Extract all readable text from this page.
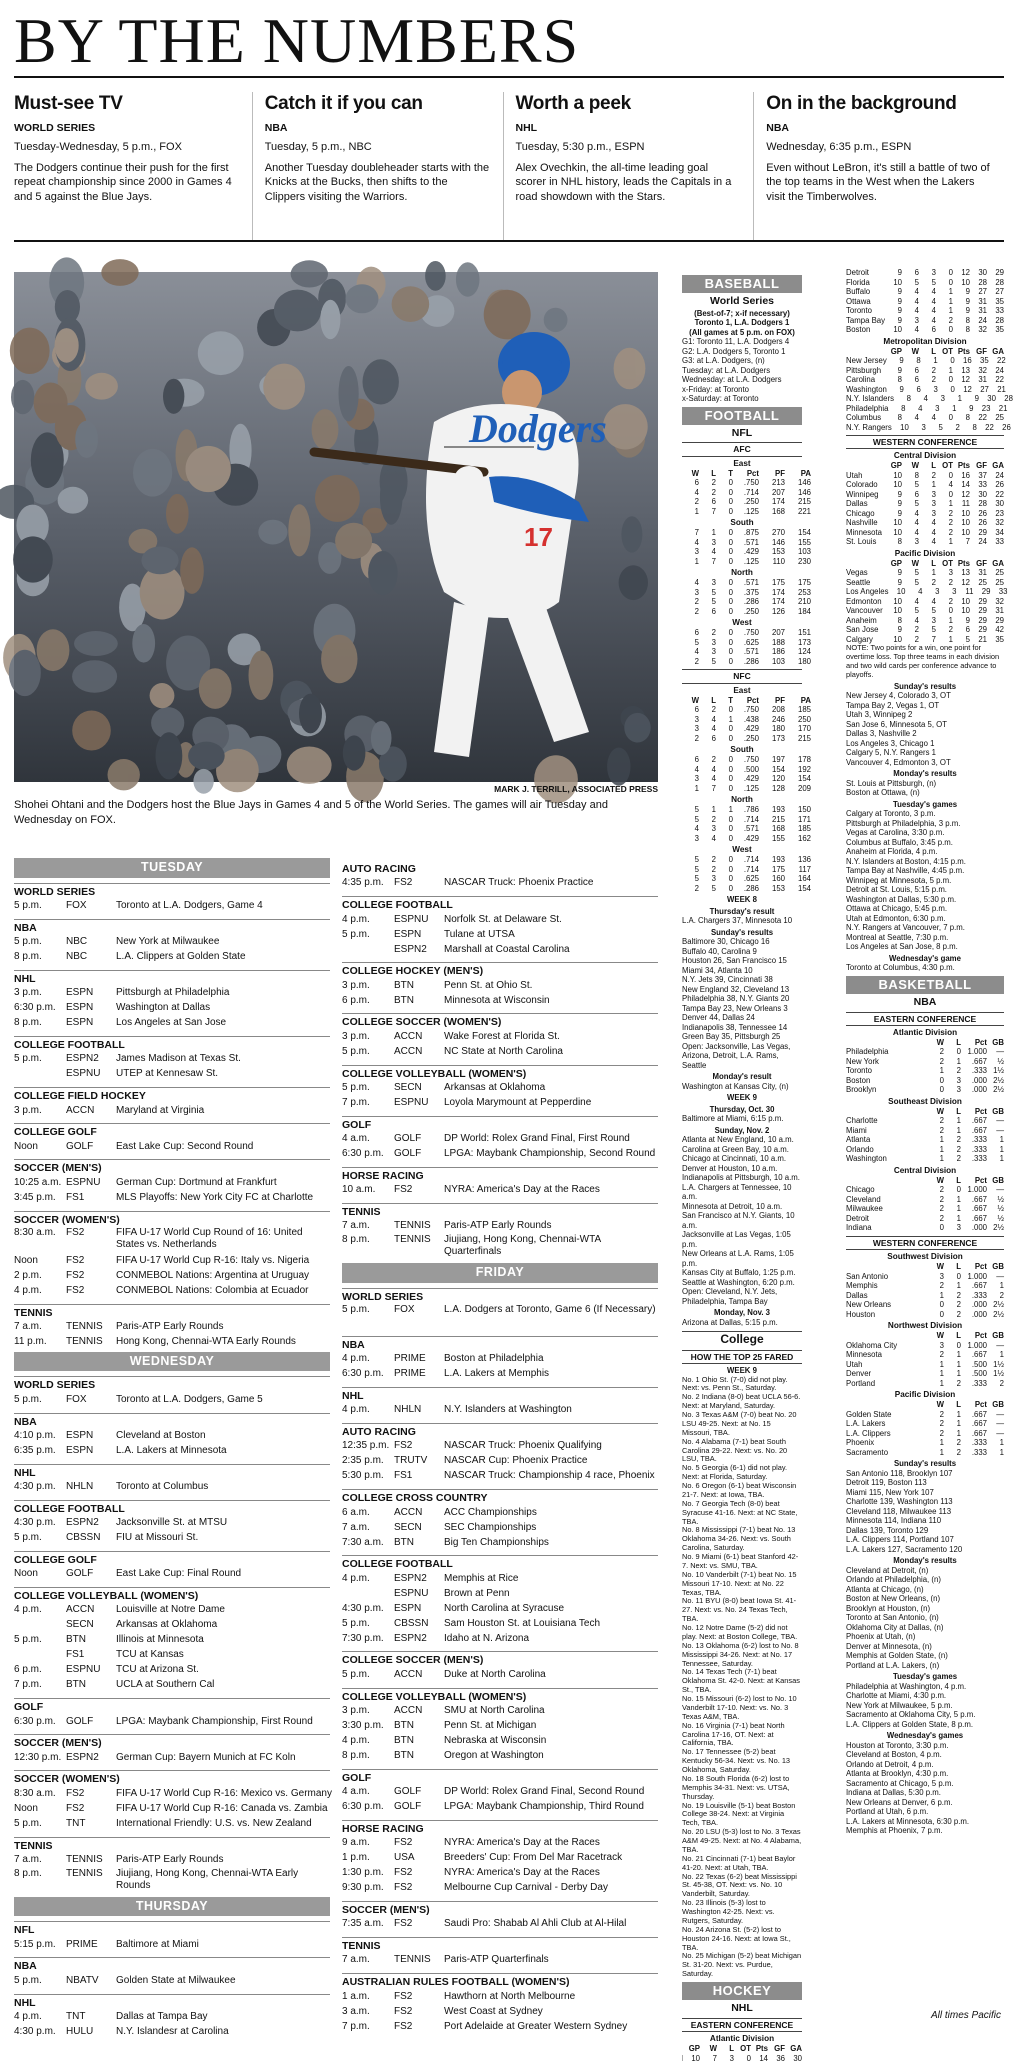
BY THE NUMBERS
Must-see TV
WORLD SERIES
Tuesday-Wednesday, 5 p.m., FOX
The Dodgers continue their push for the first repeat championship since 2000 in Games 4 and 5 against the Blue Jays.
Catch it if you can
NBA
Tuesday, 5 p.m., NBC
Another Tuesday doubleheader starts with the Knicks at the Bucks, then shifts to the Clippers visiting the Warriors.
Worth a peek
NHL
Tuesday, 5:30 p.m., ESPN
Alex Ovechkin, the all-time leading goal scorer in NHL history, leads the Capitals in a road showdown with the Stars.
On in the background
NBA
Wednesday, 6:35 p.m., ESPN
Even without LeBron, it's still a battle of two of the top teams in the West when the Lakers visit the Timberwolves.
Dodgers
17
MARK J. TERRILL, ASSOCIATED PRESS
Shohei Ohtani and the Dodgers host the Blue Jays in Games 4 and 5 of the World Series. The games will air Tuesday and Wednesday on FOX.
TUESDAY
WORLD SERIES
5 p.m.	FOX	Toronto at L.A. Dodgers, Game 4
NBA
5 p.m.	NBC	New York at Milwaukee
8 p.m.	NBC	L.A. Clippers at Golden State
NHL
3 p.m.	ESPN	Pittsburgh at Philadelphia
6:30 p.m.	ESPN	Washington at Dallas
8 p.m.	ESPN	Los Angeles at San Jose
COLLEGE FOOTBALL
5 p.m.	ESPN2	James Madison at Texas St.
ESPNU	UTEP at Kennesaw St.
COLLEGE FIELD HOCKEY
3 p.m.	ACCN	Maryland at Virginia
COLLEGE GOLF
Noon	GOLF	East Lake Cup: Second Round
SOCCER (MEN'S)
10:25 a.m. ESPNU	German Cup: Dortmund at Frankfurt
3:45 p.m.	FS1	MLS Playoffs: New York City FC at Charlotte
SOCCER (WOMEN'S)
8:30 a.m.	FS2	FIFA U-17 World Cup Round of 16: United States vs. Netherlands
Noon	FS2	FIFA U-17 World Cup R-16: Italy vs. Nigeria
2 p.m.	FS2	CONMEBOL Nations: Argentina at Uruguay
4 p.m.	FS2	CONMEBOL Nations: Colombia at Ecuador
TENNIS
7 a.m.	TENNIS	Paris-ATP Early Rounds
11 p.m.	TENNIS	Hong Kong, Chennai-WTA Early Rounds
WEDNESDAY
WORLD SERIES
5 p.m.	FOX	Toronto at L.A. Dodgers, Game 5
NBA
4:10 p.m.	ESPN	Cleveland at Boston
6:35 p.m.	ESPN	L.A. Lakers at Minnesota
NHL
4:30 p.m.	NHLN	Toronto at Columbus
COLLEGE FOOTBALL
4:30 p.m.	ESPN2	Jacksonville St. at MTSU
5 p.m.	CBSSN	FIU at Missouri St.
COLLEGE GOLF
Noon	GOLF	East Lake Cup: Final Round
COLLEGE VOLLEYBALL (WOMEN'S)
4 p.m.	ACCN	Louisville at Notre Dame
SECN	Arkansas at Oklahoma
5 p.m.	BTN	Illinois at Minnesota
FS1	TCU at Kansas
6 p.m.	ESPNU	TCU at Arizona St.
7 p.m.	BTN	UCLA at Southern Cal
GOLF
6:30 p.m.	GOLF	LPGA: Maybank Championship, First Round
SOCCER (MEN'S)
12:30 p.m. ESPN2	German Cup: Bayern Munich at FC Koln
SOCCER (WOMEN'S)
8:30 a.m.	FS2	FIFA U-17 World Cup R-16: Mexico vs. Germany
Noon	FS2	FIFA U-17 World Cup R-16: Canada vs. Zambia
5 p.m.	TNT	International Friendly: U.S. vs. New Zealand
TENNIS
7 a.m.	TENNIS	Paris-ATP Early Rounds
8 p.m.	TENNIS	Jiujiang, Hong Kong, Chennai-WTA Early Rounds
THURSDAY
NFL
5:15 p.m.	PRIME	Baltimore at Miami
NBA
5 p.m.	NBATV	Golden State at Milwaukee
NHL
4 p.m.	TNT	Dallas at Tampa Bay
4:30 p.m.	HULU	N.Y. Islandesr at Carolina
AUTO RACING
4:35 p.m.	FS2	NASCAR Truck: Phoenix Practice
COLLEGE FOOTBALL
4 p.m.	ESPNU	Norfolk St. at Delaware St.
5 p.m.	ESPN	Tulane at UTSA
ESPN2	Marshall at Coastal Carolina
COLLEGE HOCKEY (MEN'S)
3 p.m.	BTN	Penn St. at Ohio St.
6 p.m.	BTN	Minnesota at Wisconsin
COLLEGE SOCCER (WOMEN'S)
3 p.m.	ACCN	Wake Forest at Florida St.
5 p.m.	ACCN	NC State at North Carolina
COLLEGE VOLLEYBALL (WOMEN'S)
5 p.m.	SECN	Arkansas at Oklahoma
7 p.m.	ESPNU	Loyola Marymount at Pepperdine
GOLF
4 a.m.	GOLF	DP World: Rolex Grand Final, First Round
6:30 p.m.	GOLF	LPGA: Maybank Championship, Second Round
HORSE RACING
10 a.m.	FS2	NYRA: America's Day at the Races
TENNIS
7 a.m.	TENNIS	Paris-ATP Early Rounds
8 p.m.	TENNIS	Jiujiang, Hong Kong, Chennai-WTA Quarterfinals
FRIDAY
WORLD SERIES
5 p.m.	FOX	L.A. Dodgers at Toronto, Game 6 (If Necessary)
NBA
4 p.m.	PRIME	Boston at Philadelphia
6:30 p.m.	PRIME	L.A. Lakers at Memphis
NHL
4 p.m.	NHLN	N.Y. Islanders at Washington
AUTO RACING
12:35 p.m. FS2	NASCAR Truck: Phoenix Qualifying
2:35 p.m.	TRUTV	NASCAR Cup: Phoenix Practice
5:30 p.m.	FS1	NASCAR Truck: Championship 4 race, Phoenix
COLLEGE CROSS COUNTRY
6 a.m.	ACCN	ACC Championships
7 a.m.	SECN	SEC Championships
7:30 a.m.	BTN	Big Ten Championships
COLLEGE FOOTBALL
4 p.m.	ESPN2	Memphis at Rice
ESPNU	Brown at Penn
4:30 p.m.	ESPN	North Carolina at Syracuse
5 p.m.	CBSSN	Sam Houston St. at Louisiana Tech
7:30 p.m.	ESPN2	Idaho at N. Arizona
COLLEGE SOCCER (MEN'S)
5 p.m.	ACCN	Duke at North Carolina
COLLEGE VOLLEYBALL (WOMEN'S)
3 p.m.	ACCN	SMU at North Carolina
3:30 p.m.	BTN	Penn St. at Michigan
4 p.m.	BTN	Nebraska at Wisconsin
8 p.m.	BTN	Oregon at Washington
GOLF
4 a.m.	GOLF	DP World: Rolex Grand Final, Second Round
6:30 p.m.	GOLF	LPGA: Maybank Championship, Third Round
HORSE RACING
9 a.m.	FS2	NYRA: America's Day at the Races
1 p.m.	USA	Breeders' Cup: From Del Mar Racetrack
1:30 p.m.	FS2	NYRA: America's Day at the Races
9:30 p.m.	FS2	Melbourne Cup Carnival - Derby Day
SOCCER (MEN'S)
7:35 a.m.	FS2	Saudi Pro: Shabab Al Ahli Club at Al-Hilal
TENNIS
7 a.m.	TENNIS	Paris-ATP Quarterfinals
AUSTRALIAN RULES FOOTBALL (WOMEN'S)
1 a.m.	FS2	Hawthorn at North Melbourne
3 a.m.	FS2	West Coast at Sydney
7 p.m.	FS2	Port Adelaide at Greater Western Sydney
BASEBALL
World Series
(Best-of-7; x-if necessary)
Toronto 1, L.A. Dodgers 1
(All games at 5 p.m. on FOX)
G1: Toronto 11, L.A. Dodgers 4
G2: L.A. Dodgers 5, Toronto 1
G3: at L.A. Dodgers, (n)
Tuesday: at L.A. Dodgers
Wednesday: at L.A. Dodgers
x-Friday: at Toronto
x-Saturday: at Toronto
FOOTBALL
NFL
AFC
East
W	L	T	Pct	PF	PA
6	2	0	.750	213	146
4	2	0	.714	207	146
2	6	0	.250	174	215
1	7	0	.125	168	221
South
7	1	0	.875	270	154
4	3	0	.571	146	155
3	4	0	.429	153	103
1	7	0	.125	110	230
North
4	3	0	.571	175	175
3	5	0	.375	174	253
2	5	0	.286	174	210
2	6	0	.250	126	184
West
6	2	0	.750	207	151
5	3	0	.625	188	173
4	3	0	.571	186	124
2	5	0	.286	103	180
NFC
East
W	L	T	Pct	PF	PA
6	2	0	.750	208	185
3	4	1	.438	246	250
3	4	0	.429	180	170
2	6	0	.250	173	215
South
6	2	0	.750	197	178
4	4	0	.500	154	192
3	4	0	.429	120	154
1	7	0	.125	128	209
North
5	1	1	.786	193	150
5	2	0	.714	215	171
4	3	0	.571	168	185
3	4	0	.429	155	162
West
5	2	0	.714	193	136
5	2	0	.714	175	117
5	3	0	.625	160	164
2	5	0	.286	153	154
WEEK 8
Thursday's result
L.A. Chargers 37, Minnesota 10
Sunday's results
Baltimore 30, Chicago 16
Buffalo 40, Carolina 9
Houston 26, San Francisco 15
Miami 34, Atlanta 10
N.Y. Jets 39, Cincinnati 38
New England 32, Cleveland 13
Philadelphia 38, N.Y. Giants 20
Tampa Bay 23, New Orleans 3
Denver 44, Dallas 24
Indianapolis 38, Tennessee 14
Green Bay 35, Pittsburgh 25
Open: Jacksonville, Las Vegas, Arizona, Detroit, L.A. Rams, Seattle
Monday's result
Washington at Kansas City, (n)
WEEK 9
Thursday, Oct. 30
Baltimore at Miami, 6:15 p.m.
Sunday, Nov. 2
Atlanta at New England, 10 a.m.
Carolina at Green Bay, 10 a.m.
Chicago at Cincinnati, 10 a.m.
Denver at Houston, 10 a.m.
Indianapolis at Pittsburgh, 10 a.m.
L.A. Chargers at Tennessee, 10 a.m.
Minnesota at Detroit, 10 a.m.
San Francisco at N.Y. Giants, 10 a.m.
Jacksonville at Las Vegas, 1:05 p.m.
New Orleans at L.A. Rams, 1:05 p.m.
Kansas City at Buffalo, 1:25 p.m.
Seattle at Washington, 6:20 p.m.
Open: Cleveland, N.Y. Jets, Philadelphia, Tampa Bay
Monday, Nov. 3
Arizona at Dallas, 5:15 p.m.
College
HOW THE TOP 25 FARED
WEEK 9
No. 1 Ohio St. (7-0) did not play. Next: vs. Penn St., Saturday.
No. 2 Indiana (8-0) beat UCLA 56-6. Next: at Maryland, Saturday.
No. 3 Texas A&M (7-0) beat No. 20 LSU 49-25. Next: at No. 15 Missouri, TBA.
No. 4 Alabama (7-1) beat South Carolina 29-22. Next: vs. No. 20 LSU, TBA.
No. 5 Georgia (6-1) did not play. Next: at Florida, Saturday.
No. 6 Oregon (6-1) beat Wisconsin 21-7. Next: at Iowa, TBA.
No. 7 Georgia Tech (8-0) beat Syracuse 41-16. Next: at NC State, TBA.
No. 8 Mississippi (7-1) beat No. 13 Oklahoma 34-26. Next: vs. South Carolina, Saturday.
No. 9 Miami (6-1) beat Stanford 42-7. Next: vs. SMU, TBA.
No. 10 Vanderbilt (7-1) beat No. 15 Missouri 17-10. Next: at No. 22 Texas, TBA.
No. 11 BYU (8-0) beat Iowa St. 41-27. Next: vs. No. 24 Texas Tech, TBA.
No. 12 Notre Dame (5-2) did not play. Next: at Boston College, TBA.
No. 13 Oklahoma (6-2) lost to No. 8 Mississippi 34-26. Next: at No. 17 Tennessee, Saturday.
No. 14 Texas Tech (7-1) beat Oklahoma St. 42-0. Next: at Kansas St., TBA.
No. 15 Missouri (6-2) lost to No. 10 Vanderbilt 17-10. Next: vs. No. 3 Texas A&M, TBA.
No. 16 Virginia (7-1) beat North Carolina 17-16, OT. Next: at California, TBA.
No. 17 Tennessee (5-2) beat Kentucky 56-34. Next: vs. No. 13 Oklahoma, Saturday.
No. 18 South Florida (6-2) lost to Memphis 34-31. Next: vs. UTSA, Thursday.
No. 19 Louisville (5-1) beat Boston College 38-24. Next: at Virginia Tech, TBA.
No. 20 LSU (5-3) lost to No. 3 Texas A&M 49-25. Next: at No. 4 Alabama, TBA.
No. 21 Cincinnati (7-1) beat Baylor 41-20. Next: at Utah, TBA.
No. 22 Texas (6-2) beat Mississippi St. 45-38, OT. Next: vs. No. 10 Vanderbilt, Saturday.
No. 23 Illinois (5-3) lost to Washington 42-25. Next: vs. Rutgers, Saturday.
No. 24 Arizona St. (5-2) lost to Houston 24-16. Next: at Iowa St., TBA.
No. 25 Michigan (5-2) beat Michigan St. 31-20. Next: vs. Purdue, Saturday.
HOCKEY
NHL
EASTERN CONFERENCE
Atlantic Division
GP	W	L OT Pts GF GA
10	7	3	0	14	36	30
Detroit	9	6	3	0	12	30	29
Florida	10	5	5	0	10	28	28
Buffalo	9	4	4	1	9	27	27
Ottawa	9	4	4	1	9	31	35
Toronto	9	4	4	1	9	31	33
Tampa Bay	9	3	4	2	8	24	28
Boston	10	4	6	0	8	32	35
Metropolitan Division
GP	W	L OT Pts GF GA
New Jersey	9	8	1	0	16	35	22
Pittsburgh	9	6	2	1	13	32	24
Carolina	8	6	2	0	12	31	22
Washington	9	6	3	0	12	27	21
N.Y. Islanders	8	4	3	1	9	30	28
Philadelphia	8	4	3	1	9	23	21
Columbus	8	4	4	0	8	22	25
N.Y. Rangers	10	3	5	2	8	22	26
WESTERN CONFERENCE
Central Division
GP	W	L OT Pts GF GA
Utah	10	8	2	0	16	37	24
Colorado	10	5	1	4	14	33	26
Winnipeg	9	6	3	0	12	30	22
Dallas	9	5	3	1	11	28	30
Chicago	9	4	3	2	10	26	23
Nashville	10	4	4	2	10	26	32
Minnesota	10	4	4	2	10	29	34
St. Louis	8	3	4	1	7	24	33
Pacific Division
GP	W	L OT Pts GF GA
Vegas	9	5	1	3	13	31	25
Seattle	9	5	2	2	12	25	25
Los Angeles	10	4	3	3	11	29	33
Edmonton	10	4	4	2	10	29	32
Vancouver	10	5	5	0	10	29	31
Anaheim	8	4	3	1	9	29	29
San Jose	9	2	5	2	6	29	42
Calgary	10	2	7	1	5	21	35
NOTE: Two points for a win, one point for overtime loss. Top three teams in each division and two wild cards per conference advance to playoffs.
Sunday's results
New Jersey 4, Colorado 3, OT
Tampa Bay 2, Vegas 1, OT
Utah 3, Winnipeg 2
San Jose 6, Minnesota 5, OT
Dallas 3, Nashville 2
Los Angeles 3, Chicago 1
Calgary 5, N.Y. Rangers 1
Vancouver 4, Edmonton 3, OT
Monday's results
St. Louis at Pittsburgh, (n)
Boston at Ottawa, (n)
Tuesday's games
Calgary at Toronto, 3 p.m.
Pittsburgh at Philadelphia, 3 p.m.
Vegas at Carolina, 3:30 p.m.
Columbus at Buffalo, 3:45 p.m.
Anaheim at Florida, 4 p.m.
N.Y. Islanders at Boston, 4:15 p.m.
Tampa Bay at Nashville, 4:45 p.m.
Winnipeg at Minnesota, 5 p.m.
Detroit at St. Louis, 5:15 p.m.
Washington at Dallas, 5:30 p.m.
Ottawa at Chicago, 5:45 p.m.
Utah at Edmonton, 6:30 p.m.
N.Y. Rangers at Vancouver, 7 p.m.
Montreal at Seattle, 7:30 p.m.
Los Angeles at San Jose, 8 p.m.
Wednesday's game
Toronto at Columbus, 4:30 p.m.
BASKETBALL
NBA
EASTERN CONFERENCE
Atlantic Division
W	L	Pct GB
Philadelphia	2	0 1.000	—
New York	2	1	.667	½
Toronto	1	2	.333 1½
Boston	0	3	.000 2½
Brooklyn	0	3	.000 2½
Southeast Division
W	L	Pct GB
Charlotte	2	1	.667	—
Miami	2	1	.667	—
Atlanta	1	2	.333	1
Orlando	1	2	.333	1
Washington	1	2	.333	1
Central Division
W	L	Pct GB
Chicago	2	0 1.000	—
Cleveland	2	1	.667	½
Milwaukee	2	1	.667	½
Detroit	2	1	.667	½
Indiana	0	3	.000 2½
WESTERN CONFERENCE
Southwest Division
W	L	Pct GB
San Antonio	3	0 1.000	—
Memphis	2	1	.667	1
Dallas	1	2	.333	2
New Orleans	0	2	.000 2½
Houston	0	2	.000 2½
Northwest Division
W	L	Pct GB
Oklahoma City	3	0 1.000	—
Minnesota	2	1	.667	1
Utah	1	1	.500 1½
Denver	1	1	.500 1½
Portland	1	2	.333	2
Pacific Division
W	L	Pct GB
Golden State	2	1	.667	—
L.A. Lakers	2	1	.667	—
L.A. Clippers	2	1	.667	—
Phoenix	1	2	.333	1
Sacramento	1	2	.333	1
Sunday's results
San Antonio 118, Brooklyn 107
Detroit 119, Boston 113
Miami 115, New York 107
Charlotte 139, Washington 113
Cleveland 118, Milwaukee 113
Minnesota 114, Indiana 110
Dallas 139, Toronto 129
L.A. Clippers 114, Portland 107
L.A. Lakers 127, Sacramento 120
Monday's results
Cleveland at Detroit, (n)
Orlando at Philadelphia, (n)
Atlanta at Chicago, (n)
Boston at New Orleans, (n)
Brooklyn at Houston, (n)
Toronto at San Antonio, (n)
Oklahoma City at Dallas, (n)
Phoenix at Utah, (n)
Denver at Minnesota, (n)
Memphis at Golden State, (n)
Portland at L.A. Lakers, (n)
Tuesday's games
Philadelphia at Washington, 4 p.m.
Charlotte at Miami, 4:30 p.m.
New York at Milwaukee, 5 p.m.
Sacramento at Oklahoma City, 5 p.m.
L.A. Clippers at Golden State, 8 p.m.
Wednesday's games
Houston at Toronto, 3:30 p.m.
Cleveland at Boston, 4 p.m.
Orlando at Detroit, 4 p.m.
Atlanta at Brooklyn, 4:30 p.m.
Sacramento at Chicago, 5 p.m.
Indiana at Dallas, 5:30 p.m.
New Orleans at Denver, 6 p.m.
Portland at Utah, 6 p.m.
L.A. Lakers at Minnesota, 6:30 p.m.
Memphis at Phoenix, 7 p.m.
All times Pacific
